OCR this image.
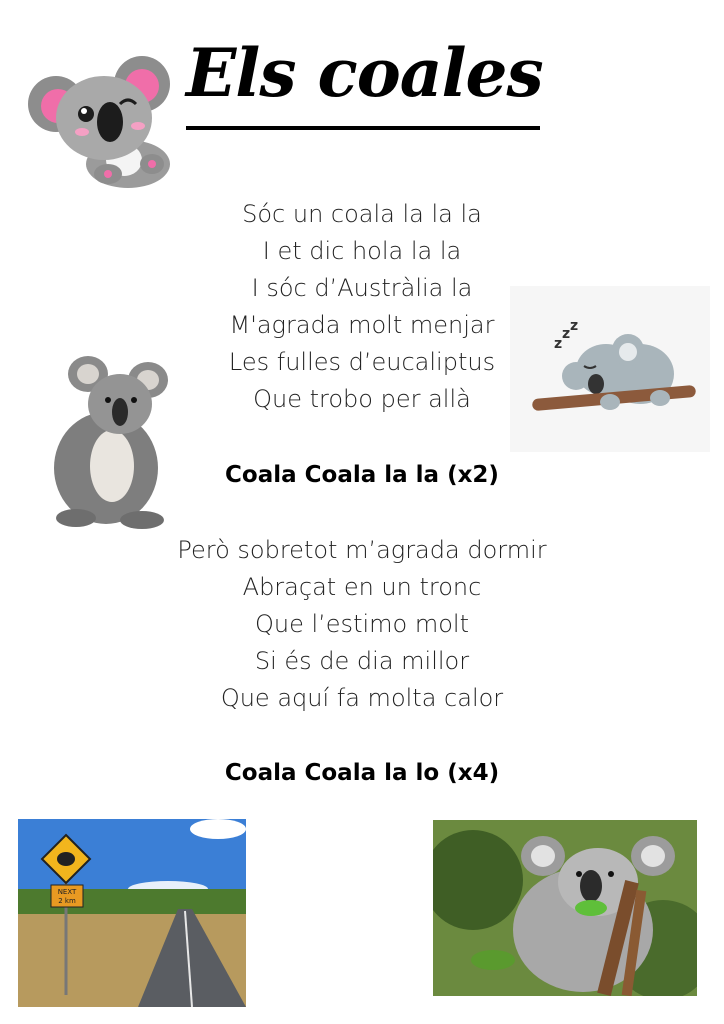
Els coales
Sóc un coala la la la
I et dic hola la la
I sóc d’Austràlia la
M'agrada molt menjar
Les fulles d’eucaliptus
Que trobo per allà
Coala Coala la la (x2)
Però sobretot m’agrada dormir
Abraçat en un tronc
Que l’estimo molt
Si és de dia millor
Que aquí fa molta calor
Coala Coala la lo (x4)
z
z z
NEXT
2 km
